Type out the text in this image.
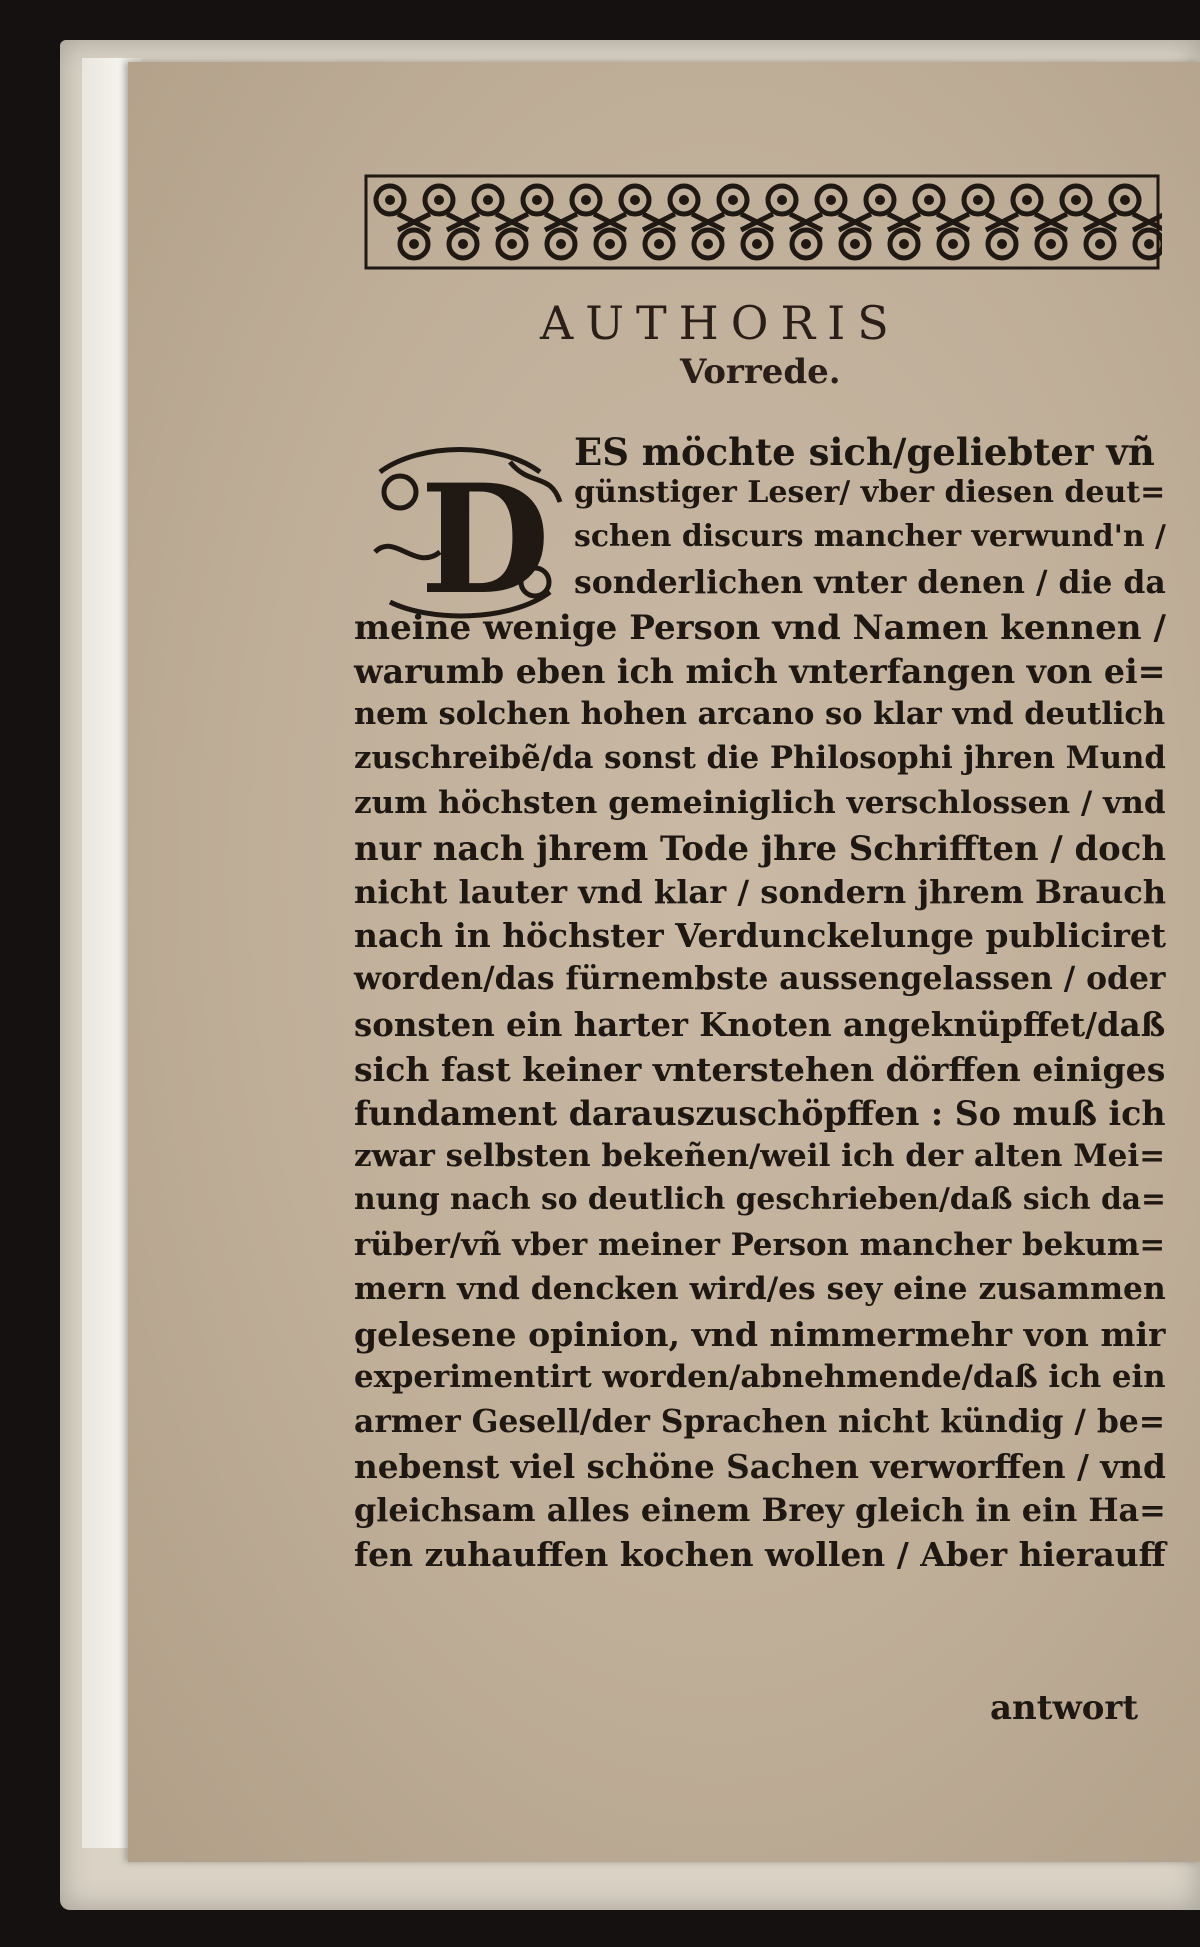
AUTHORIS
Vorrede.
D ES möchte sich/geliebter vñ
günstiger Leser/ vber diesen deut=
schen discurs mancher verwund'n /
sonderlichen vnter denen / die da
meine wenige Person vnd Namen kennen /
warumb eben ich mich vnterfangen von ei=
nem solchen hohen arcano so klar vnd deutlich
zuschreibẽ/da sonst die Philosophi jhren Mund
zum höchsten gemeiniglich verschlossen / vnd
nur nach jhrem Tode jhre Schrifften / doch
nicht lauter vnd klar / sondern jhrem Brauch
nach in höchster Verdunckelunge publiciret
worden/das fürnembste aussengelassen / oder
sonsten ein harter Knoten angeknüpffet/daß
sich fast keiner vnterstehen dörffen einiges
fundament darauszuschöpffen : So muß ich
zwar selbsten bekeñen/weil ich der alten Mei=
nung nach so deutlich geschrieben/daß sich da=
rüber/vñ vber meiner Person mancher bekum=
mern vnd dencken wird/es sey eine zusammen
gelesene opinion, vnd nimmermehr von mir
experimentirt worden/abnehmende/daß ich ein
armer Gesell/der Sprachen nicht kündig / be=
nebenst viel schöne Sachen verworffen / vnd
gleichsam alles einem Brey gleich in ein Ha=
fen zuhauffen kochen wollen / Aber hierauff
antwort
